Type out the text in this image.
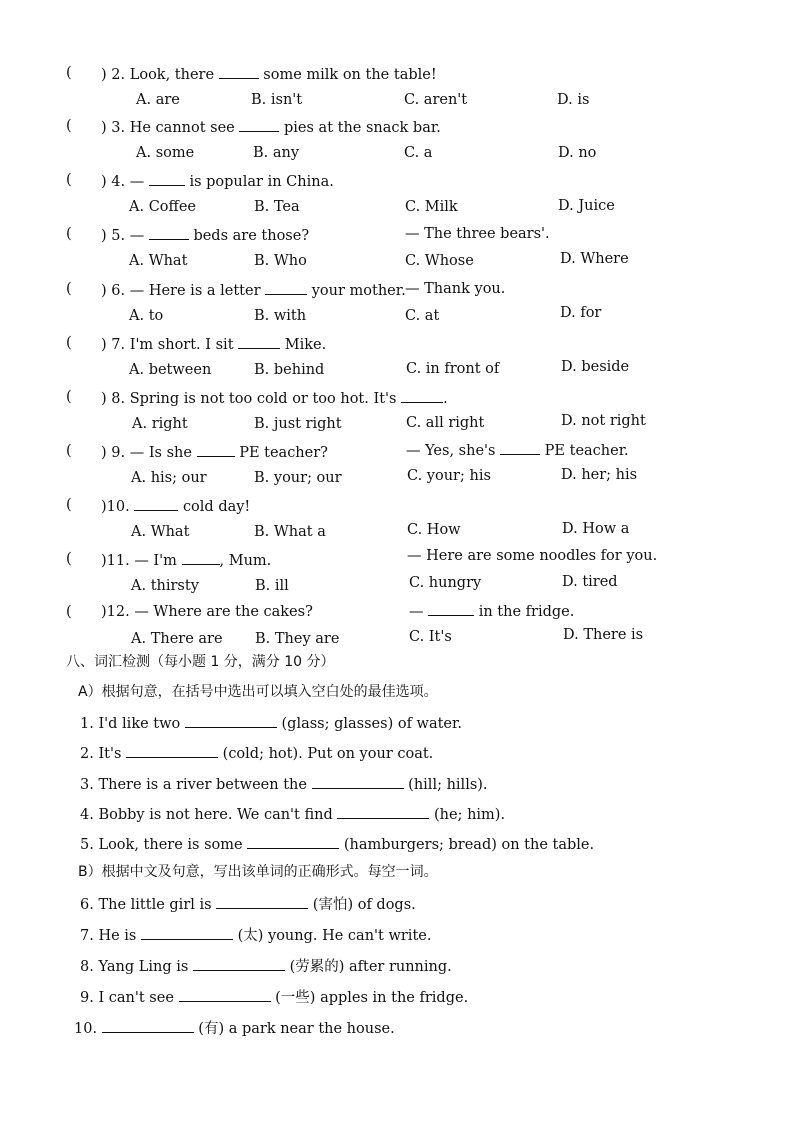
( ) 2. Look, there	some milk on the table!
A. are	B. isn't	C. aren't	D. is
( ) 3. He cannot see	pies at the snack bar.
A. some	B. any	C. a	D. no
( ) 4. —	is popular in China.
A. Coffee	B. Tea	C. Milk	D. Juice
( ) 5. —	beds are those?	— The three bears'.
A. What	B. Who	C. Whose	D. Where
( ) 6. — Here is a letter	your mother. — Thank you.
A. to	B. with	C. at	D. for
( ) 7. I'm short. I sit	Mike.
A. between	B. behind	C. in front of	D. beside
( ) 8. Spring is not too cold or too hot. It's	.
A. right	B. just right	C. all right	D. not right
( ) 9. — Is she	PE teacher?	— Yes, she's	PE teacher.
A. his; our	B. your; our	C. your; his	D. her; his
( )10.	cold day!
A. What	B. What a	C. How	D. How a
( )11. — I'm	, Mum.	— Here are some noodles for you.
A. thirsty	B. ill	C. hungry	D. tired
( )12. — Where are the cakes?	—	in the fridge.
A. There are B. They are	C. It's	D. There is
八、词汇检测（每小题 1 分，满分 10 分）
A）根据句意，在括号中选出可以填入空白处的最佳选项。
1. I'd like two	(glass; glasses) of water.
2. It's	(cold; hot). Put on your coat.
3. There is a river between the	(hill; hills).
4. Bobby is not here. We can't find	(he; him).
5. Look, there is some	(hamburgers; bread) on the table.
B）根据中文及句意，写出该单词的正确形式。每空一词。
6. The little girl is	(害怕) of dogs.
7. He is	(太) young. He can't write.
8. Yang Ling is	(劳累的) after running.
9. I can't see	(一些) apples in the fridge.
10.	(有) a park near the house.
